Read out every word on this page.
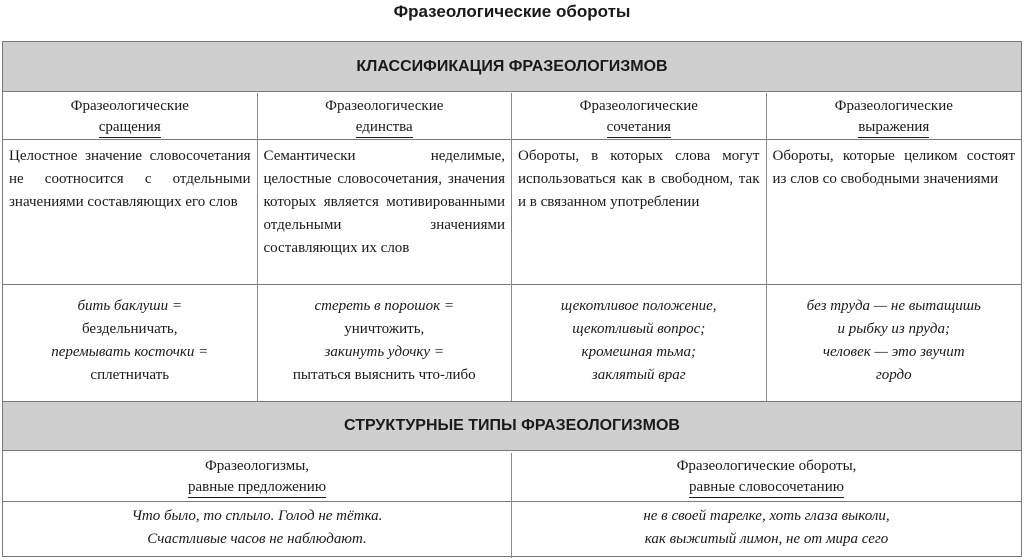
Фразеологические обороты
КЛАССИФИКАЦИЯ ФРАЗЕОЛОГИЗМОВ
Фразеологические
сращения
Фразеологические
единства
Фразеологические
сочетания
Фразеологические
выражения
Целостное значение словосочетания не соотносится с отдельными значениями составляющих его слов
Семантически неделимые, целостные словосочетания, значения которых является мотивированными отдельными значениями составляющих их слов
Обороты, в которых слова могут использоваться как в свободном, так и в связанном употреблении
Обороты, которые целиком состоят из слов со свободными значениями
бить баклуши =
бездельничать,
перемывать косточки =
сплетничать
стереть в порошок =
уничтожить,
закинуть удочку =
пытаться выяснить что-либо
щекотливое положение,
щекотливый вопрос;
кромешная тьма;
заклятый враг
без труда — не вытащишь
и рыбку из пруда;
человек — это звучит
гордо
СТРУКТУРНЫЕ ТИПЫ ФРАЗЕОЛОГИЗМОВ
Фразеологизмы,
равные предложению
Фразеологические обороты,
равные словосочетанию
Что было, то сплыло. Голод не тётка.
Счастливые часов не наблюдают.
не в своей тарелке, хоть глаза выколи,
как выжитый лимон, не от мира сего
